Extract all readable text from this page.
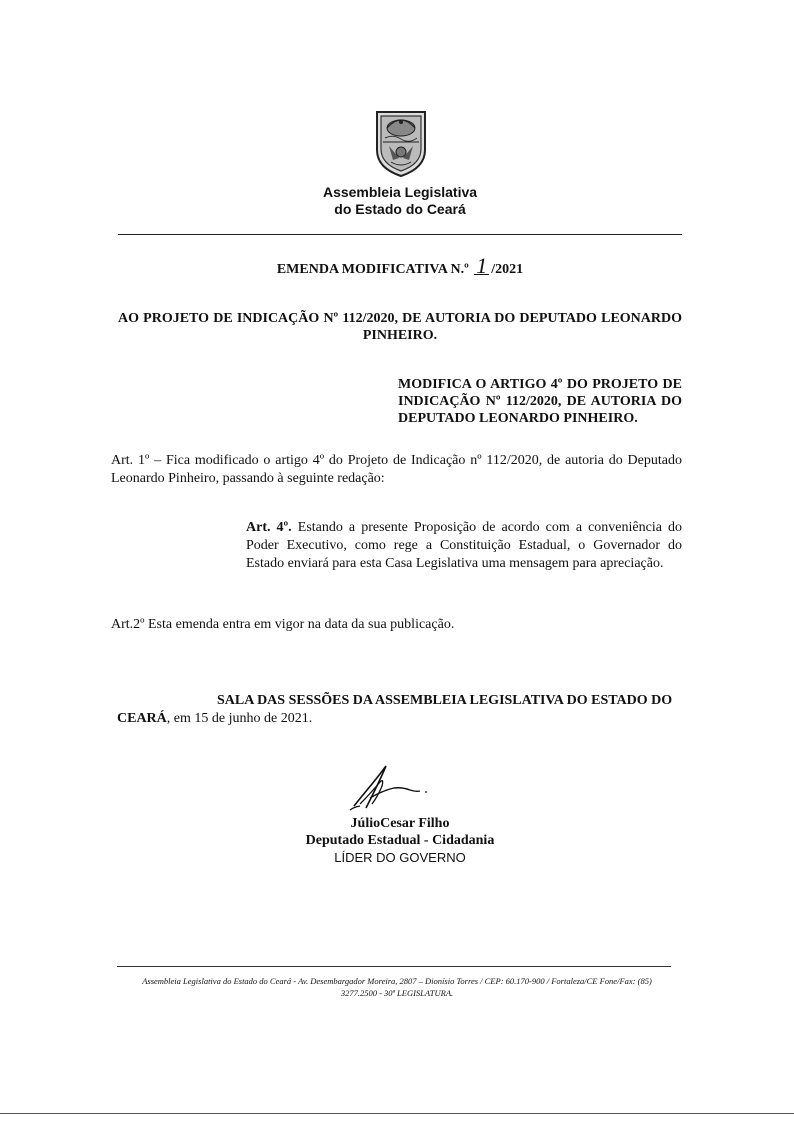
Assembleia Legislativa
do Estado do Ceará
EMENDA MODIFICATIVA N.º 1 /2021
AO PROJETO DE INDICAÇÃO Nº 112/2020, DE AUTORIA DO DEPUTADO LEONARDO
PINHEIRO.
MODIFICA O ARTIGO 4º DO PROJETO DE INDICAÇÃO Nº 112/2020, DE AUTORIA DO DEPUTADO LEONARDO PINHEIRO.
Art. 1º – Fica modificado o artigo 4º do Projeto de Indicação nº 112/2020, de autoria do Deputado Leonardo Pinheiro, passando à seguinte redação:
Art. 4º. Estando a presente Proposição de acordo com a conveniência do Poder Executivo, como rege a Constituição Estadual, o Governador do Estado enviará para esta Casa Legislativa uma mensagem para apreciação.
Art.2º Esta emenda entra em vigor na data da sua publicação.
SALA DAS SESSÕES DA ASSEMBLEIA LEGISLATIVA DO ESTADO DO
CEARÁ, em 15 de junho de 2021.
JúlioCesar Filho
Deputado Estadual - Cidadania
LÍDER DO GOVERNO
Assembleia Legislativa do Estado do Ceará - Av. Desembargador Moreira, 2807 – Dionísio Torres / CEP: 60.170-900 / Fortaleza/CE Fone/Fax: (85)
3277.2500 - 30ª LEGISLATURA.
